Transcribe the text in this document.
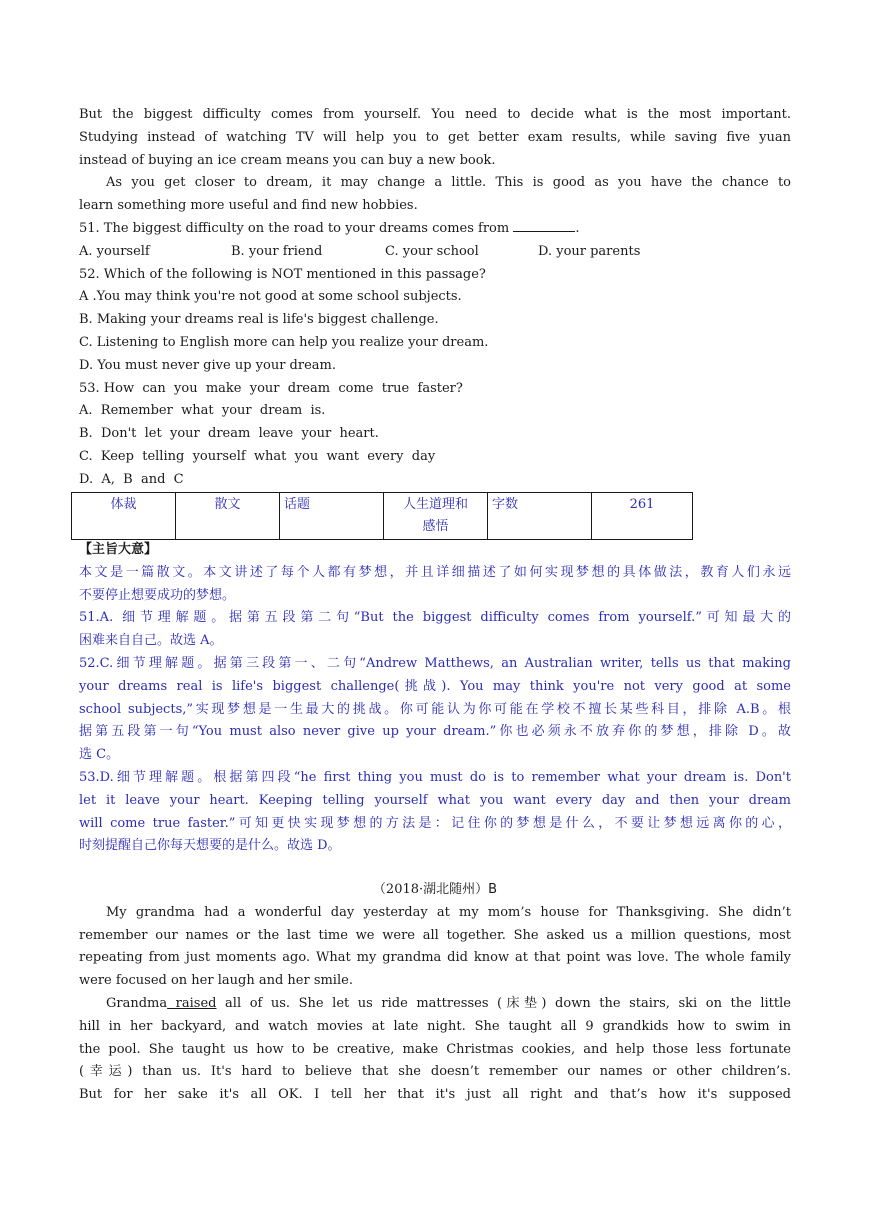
But the biggest difficulty comes from yourself. You need to decide what is the most important.
Studying instead of watching TV will help you to get better exam results, while saving five yuan
instead of buying an ice cream means you can buy a new book.
As you get closer to dream, it may change a little. This is good as you have the chance to
learn something more useful and find new hobbies.
51. The biggest difficulty on the road to your dreams comes from	.
A. yourself	B. your friend	C. your school	D. your parents
52. Which of the following is NOT mentioned in this passage?
A .You may think you're not good at some school subjects.
B. Making your dreams real is life's biggest challenge.
C. Listening to English more can help you realize your dream.
D. You must never give up your dream.
53. How  can  you  make  your  dream  come  true  faster?
A.  Remember  what  your  dream  is.
B.  Don't  let  your  dream  leave  your  heart.
C.  Keep  telling  yourself  what  you  want  every  day
D.  A,  B  and  C
体裁	散文	话题	人生道理和
感悟	字数	261
【主旨大意】
本文是一篇散文。本文讲述了每个人都有梦想，并且详细描述了如何实现梦想的具体做法，教育人们永远
不要停止想要成功的梦想。
51.A. 细节理解题。据第五段第二句“But the biggest difficulty comes from yourself.”可知最大的
困难来自自己。故选 A。
52.C.细节理解题。据第三段第一、二句“Andrew Matthews, an Australian writer, tells us that making
your dreams real is life's biggest challenge(挑战). You may think you're not very good at some
school subjects,”实现梦想是一生最大的挑战。你可能认为你可能在学校不擅长某些科目，排除 A.B。根
据第五段第一句“You must also never give up your dream.”你也必须永不放弃你的梦想，排除 D。故
选 C。
53.D.细节理解题。根据第四段“he first thing you must do is to remember what your dream is. Don't
let it leave your heart. Keeping telling yourself what you want every day and then your dream
will come true faster.”可知更快实现梦想的方法是：记住你的梦想是什么，不要让梦想远离你的心，
时刻提醒自己你每天想要的是什么。故选 D。
（2018·湖北随州）B
My grandma had a wonderful day yesterday at my mom’s house for Thanksgiving. She didn’t
remember our names or the last time we were all together. She asked us a million questions, most
repeating from just moments ago. What my grandma did know at that point was love. The whole family
were focused on her laugh and her smile.
Grandma raised all of us. She let us ride mattresses (床垫) down the stairs, ski on the little
hill in her backyard, and watch movies at late night. She taught all 9 grandkids how to swim in
the pool. She taught us how to be creative, make Christmas cookies, and help those less fortunate
(幸运) than us. It's hard to believe that she doesn’t remember our names or other children’s.
But for her sake it's all OK. I tell her that it's just all right and that’s how it's supposed
